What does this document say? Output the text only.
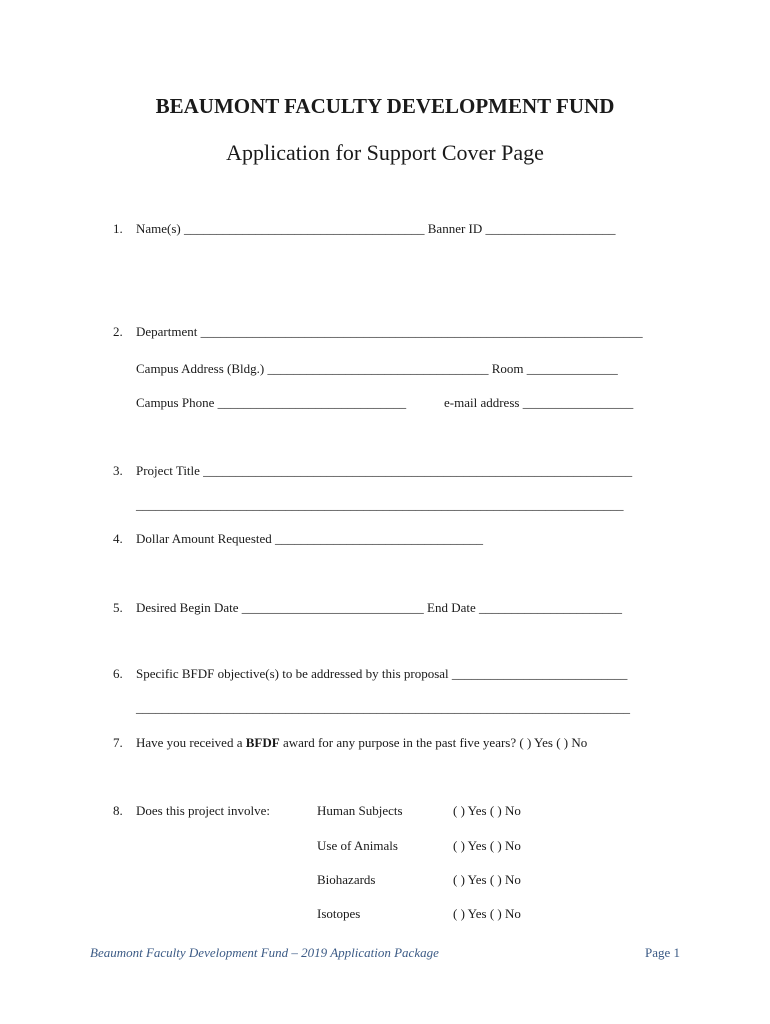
BEAUMONT FACULTY DEVELOPMENT FUND
Application for Support Cover Page
1. Name(s) _____________________________________ Banner ID ____________________
2. Department ____________________________________________________________________
Campus Address (Bldg.) __________________________________ Room ______________
Campus Phone _____________________________	e-mail address _________________
3. Project Title __________________________________________________________________
___________________________________________________________________________
4. Dollar Amount Requested ________________________________
5. Desired Begin Date ____________________________ End Date ______________________
6. Specific BFDF objective(s) to be addressed by this proposal ___________________________
____________________________________________________________________________
7. Have you received a BFDF award for any purpose in the past five years? ( ) Yes ( ) No
8. Does this project involve:	Human Subjects	( ) Yes ( ) No
Use of Animals	( ) Yes ( ) No
Biohazards	( ) Yes ( ) No
Isotopes	( ) Yes ( ) No
Beaumont Faculty Development Fund – 2019 Application Package	Page 1
